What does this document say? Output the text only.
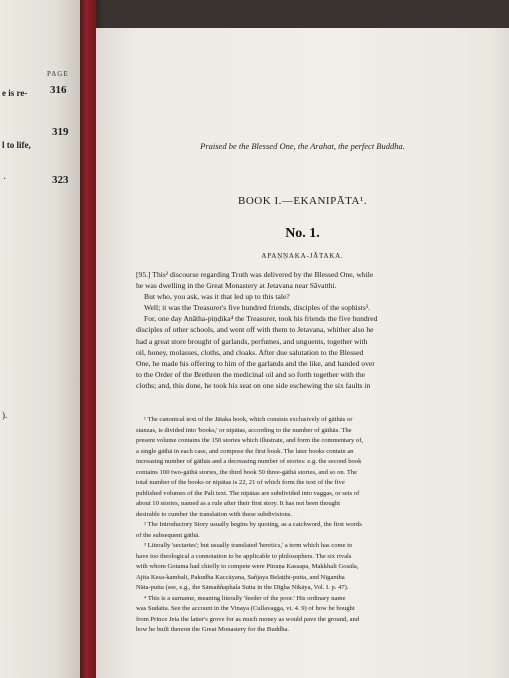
PAGE
e is re- 316
l to life,
319
·	323
).
Praised be the Blessed One, the Arahat, the perfect Buddha.
BOOK I.—EKANIPĀTA¹.
No. 1.
APAṆṆAKA-JĀTAKA.
[95.] This² discourse regarding Truth was delivered by the Blessed One, while
he was dwelling in the Great Monastery at Jetavana near Sāvatthi.
But who, you ask, was it that led up to this tale?
Well; it was the Treasurer's five hundred friends, disciples of the sophists³.
For, one day Anātha-piṇḍika⁴ the Treasurer, took his friends the five hundred
disciples of other schools, and went off with them to Jetavana, whither also he
had a great store brought of garlands, perfumes, and unguents, together with
oil, honey, molasses, cloths, and cloaks. After due salutation to the Blessed
One, he made his offering to him of the garlands and the like, and handed over
to the Order of the Brethren the medicinal oil and so forth together with the
cloths; and, this done, he took his seat on one side eschewing the six faults in
¹ The canonical text of the Jātaka book, which consists exclusively of gāthās or
stanzas, is divided into 'books,' or nipātas, according to the number of gāthās. The
present volume contains the 150 stories which illustrate, and form the commentary of,
a single gāthā in each case, and compose the first book. The later books contain an
increasing number of gāthās and a decreasing number of stories: e.g. the second book
contains 100 two-gāthā stories, the third book 50 three-gāthā stories, and so on. The
total number of the books or nipātas is 22, 21 of which form the text of the five
published volumes of the Pali text. The nipātas are subdivided into vaggas, or sets of
about 10 stories, named as a rule after their first story. It has not been thought
desirable to cumber the translation with these subdivisions.
² The Introductory Story usually begins by quoting, as a catchword, the first words
of the subsequent gāthā.
³ Literally 'sectaries'; but usually translated 'heretics,' a term which has come to
have too theological a connotation to be applicable to philosophers. The six rivals
with whom Gotama had chiefly to compete were Pūraṇa Kassapa, Makkhali Gosāla,
Ajita Kesa-kambali, Pakudha Kaccāyana, Sañjaya Belaṭṭhi-putta, and Nigantha
Nāta-putta (see, e.g., the Sāmaññaphala Sutta in the Dīgha Nikāya, Vol. I. p. 47).
⁴ This is a surname, meaning literally 'feeder of the poor.' His ordinary name
was Sudatta. See the account in the Vinaya (Cullavagga, vi. 4. 9) of how he bought
from Prince Jeta the latter's grove for as much money as would pave the ground, and
how he built thereon the Great Monastery for the Buddha.
